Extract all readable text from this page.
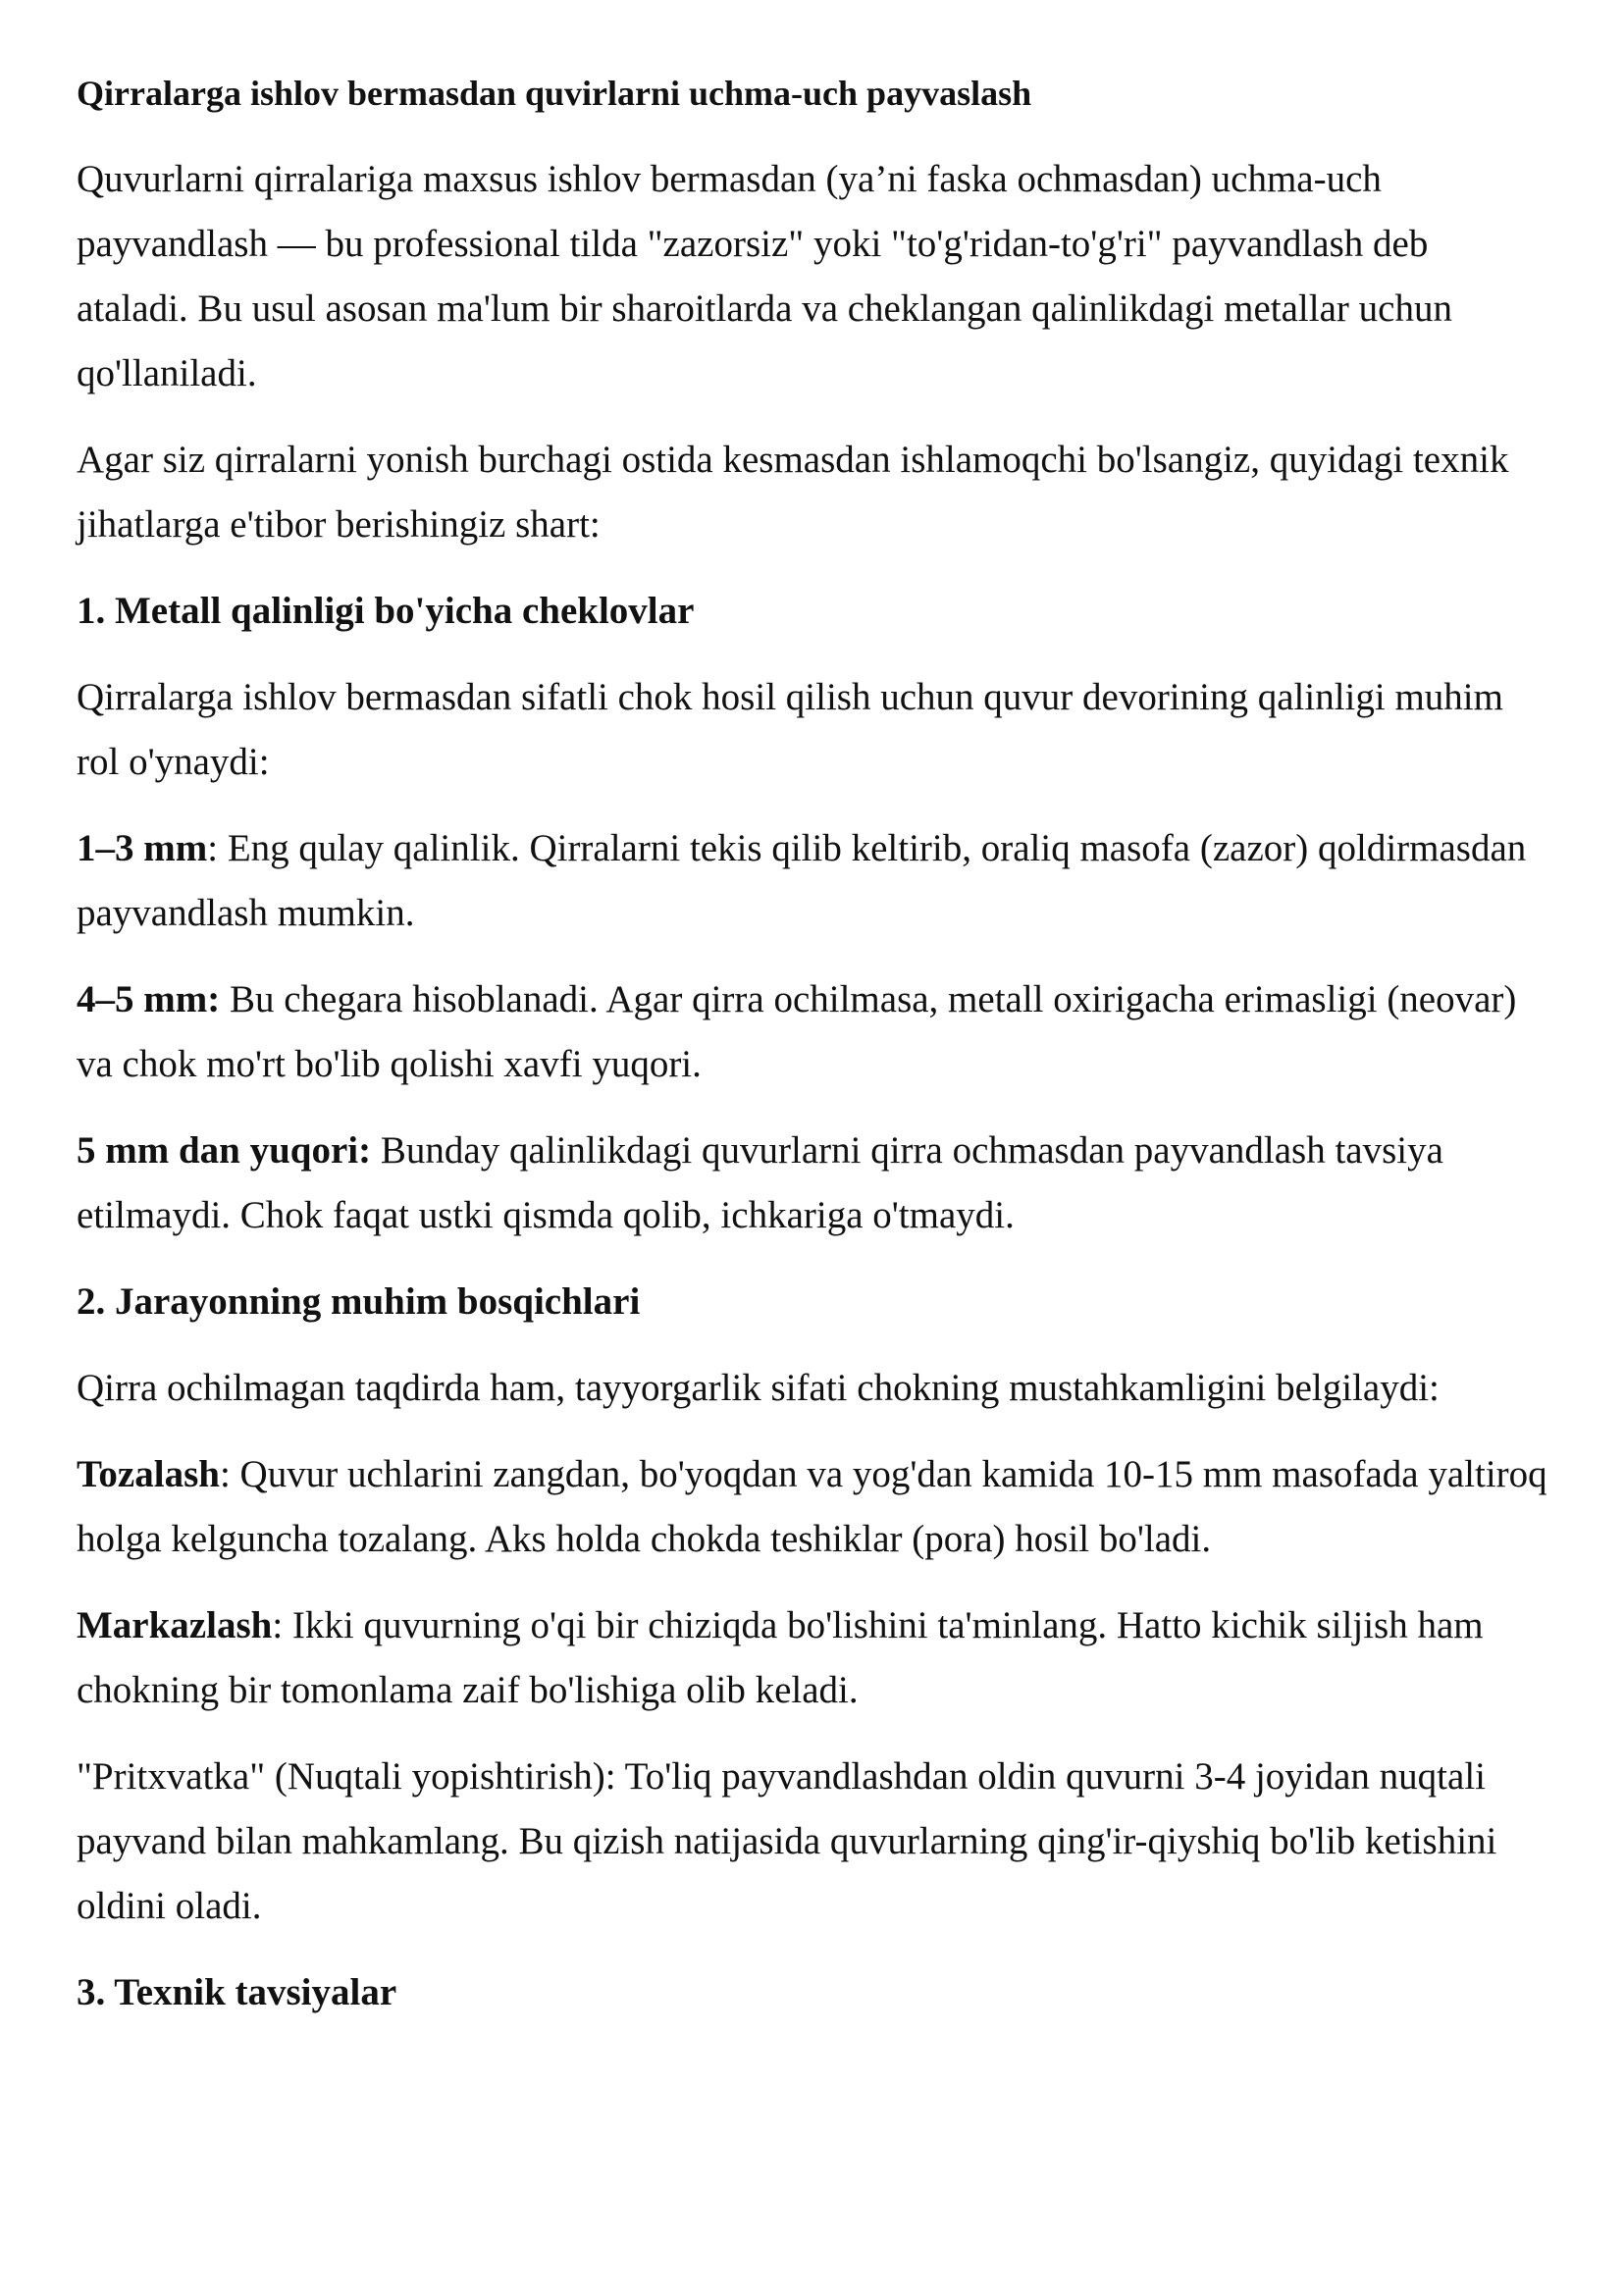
Qirralarga ishlov bermasdan quvirlarni uchma-uch payvaslash

Quvurlarni qirralariga maxsus ishlov bermasdan (ya’ni faska ochmasdan) uchma-uch payvandlash — bu professional tilda "zazorsiz" yoki "to'g'ridan-to'g'ri" payvandlash deb ataladi. Bu usul asosan ma'lum bir sharoitlarda va cheklangan qalinlikdagi metallar uchun qo'llaniladi.

Agar siz qirralarni yonish burchagi ostida kesmasdan ishlamoqchi bo'lsangiz, quyidagi texnik jihatlarga e'tibor berishingiz shart:

1. Metall qalinligi bo'yicha cheklovlar

Qirralarga ishlov bermasdan sifatli chok hosil qilish uchun quvur devorining qalinligi muhim rol o'ynaydi:

1–3 mm: Eng qulay qalinlik. Qirralarni tekis qilib keltirib, oraliq masofa (zazor) qoldirmasdan payvandlash mumkin.

4–5 mm: Bu chegara hisoblanadi. Agar qirra ochilmasa, metall oxirigacha erimasligi (neovar) va chok mo'rt bo'lib qolishi xavfi yuqori.

5 mm dan yuqori: Bunday qalinlikdagi quvurlarni qirra ochmasdan payvandlash tavsiya etilmaydi. Chok faqat ustki qismda qolib, ichkariga o'tmaydi.

2. Jarayonning muhim bosqichlari

Qirra ochilmagan taqdirda ham, tayyorgarlik sifati chokning mustahkamligini belgilaydi:

Tozalash: Quvur uchlarini zangdan, bo'yoqdan va yog'dan kamida 10-15 mm masofada yaltiroq holga kelguncha tozalang. Aks holda chokda teshiklar (pora) hosil bo'ladi.

Markazlash: Ikki quvurning o'qi bir chiziqda bo'lishini ta'minlang. Hatto kichik siljish ham chokning bir tomonlama zaif bo'lishiga olib keladi.

"Pritxvatka" (Nuqtali yopishtirish): To'liq payvandlashdan oldin quvurni 3-4 joyidan nuqtali payvand bilan mahkamlang. Bu qizish natijasida quvurlarning qing'ir-qiyshiq bo'lib ketishini oldini oladi.

3. Texnik tavsiyalar
